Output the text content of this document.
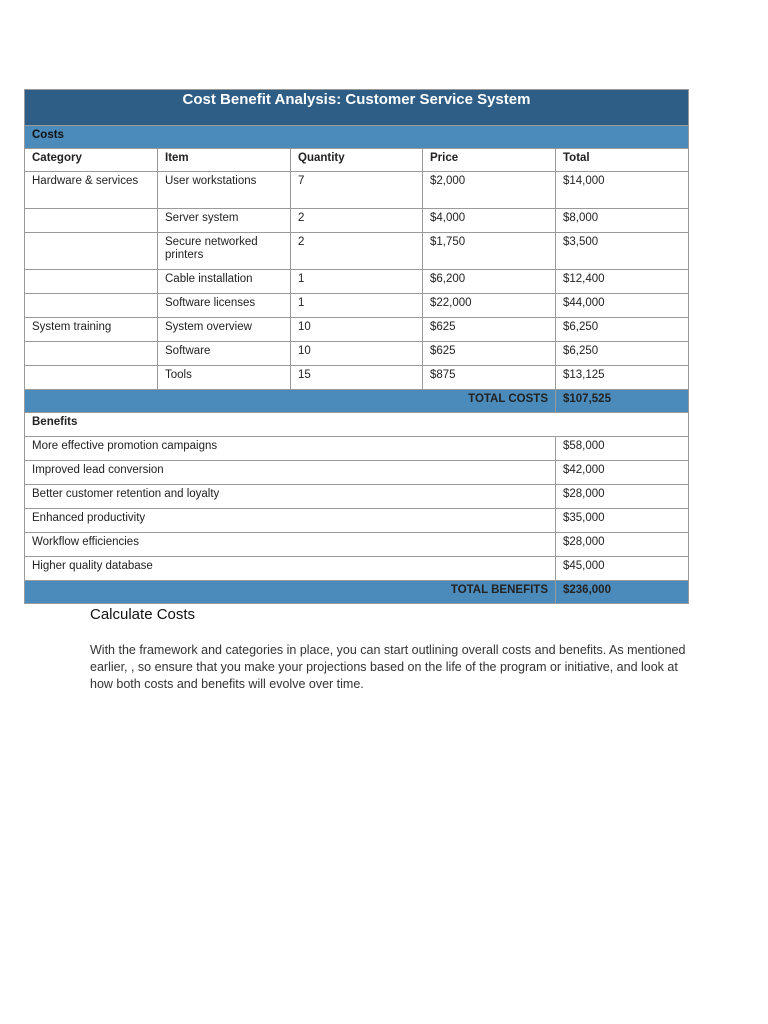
Cost Benefit Analysis: Customer Service System				
Costs				
Category	Item	Quantity	Price	Total
Hardware & services	User workstations	7	$2,000	$14,000
	Server system	2	$4,000	$8,000
	Secure networked printers	2	$1,750	$3,500
	Cable installation	1	$6,200	$12,400
	Software licenses	1	$22,000	$44,000
System training	System overview	10	$625	$6,250
	Software	10	$625	$6,250
	Tools	15	$875	$13,125
TOTAL COSTS				$107,525
Benefits				
More effective promotion campaigns				$58,000
Improved lead conversion				$42,000
Better customer retention and loyalty				$28,000
Enhanced productivity				$35,000
Workflow efficiencies				$28,000
Higher quality database				$45,000
TOTAL BENEFITS				$236,000
Calculate Costs
With the framework and categories in place, you can start outlining overall costs and benefits. As mentioned earlier, , so ensure that you make your projections based on the life of the program or initiative, and look at how both costs and benefits will evolve over time.
